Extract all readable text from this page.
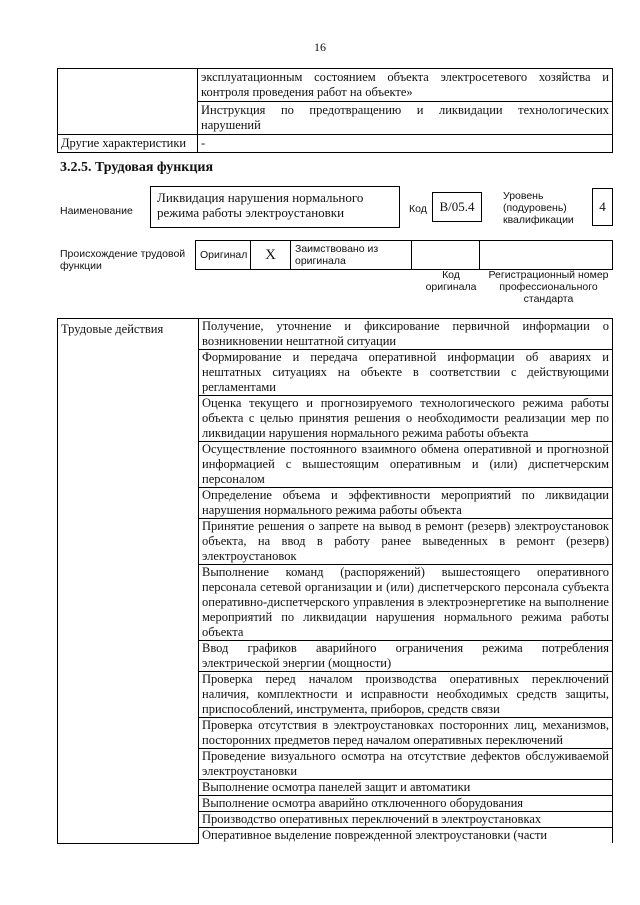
16
	эксплуатационным состоянием объекта электросетевого хозяйства и контроля проведения работ на объекте»
	Инструкция по предотвращению и ликвидации технологических нарушений
Другие характеристики	-
3.2.5. Трудовая функция
Наименование
Ликвидация нарушения нормального режима работы электроустановки	Код B/05.4
Уровень (подуровень) квалификации
4
Происхождение трудовой функции
Оригинал	X	Заимствовано из оригинала		
Код оригинала
Регистрационный номер профессионального стандарта
Трудовые действия	Получение, уточнение и фиксирование первичной информации о возникновении нештатной ситуации
Формирование и передача оперативной информации об авариях и нештатных ситуациях на объекте в соответствии с действующими регламентами
Оценка текущего и прогнозируемого технологического режима работы объекта с целью принятия решения о необходимости реализации мер по ликвидации нарушения нормального режима работы объекта
Осуществление постоянного взаимного обмена оперативной и прогнозной информацией с вышестоящим оперативным и (или) диспетчерским персоналом
Определение объема и эффективности мероприятий по ликвидации нарушения нормального режима работы объекта
Принятие решения о запрете на вывод в ремонт (резерв) электроустановок объекта, на ввод в работу ранее выведенных в ремонт (резерв) электроустановок
Выполнение команд (распоряжений) вышестоящего оперативного персонала сетевой организации и (или) диспетчерского персонала субъекта оперативно-диспетчерского управления в электроэнергетике на выполнение мероприятий по ликвидации нарушения нормального режима работы объекта
Ввод графиков аварийного ограничения режима потребления электрической энергии (мощности)
Проверка перед началом производства оперативных переключений наличия, комплектности и исправности необходимых средств защиты, приспособлений, инструмента, приборов, средств связи
Проверка отсутствия в электроустановках посторонних лиц, механизмов, посторонних предметов перед началом оперативных переключений
Проведение визуального осмотра на отсутствие дефектов обслуживаемой электроустановки
Выполнение осмотра панелей защит и автоматики
Выполнение осмотра аварийно отключенного оборудования
Производство оперативных переключений в электроустановках
Оперативное выделение поврежденной электроустановки (части
